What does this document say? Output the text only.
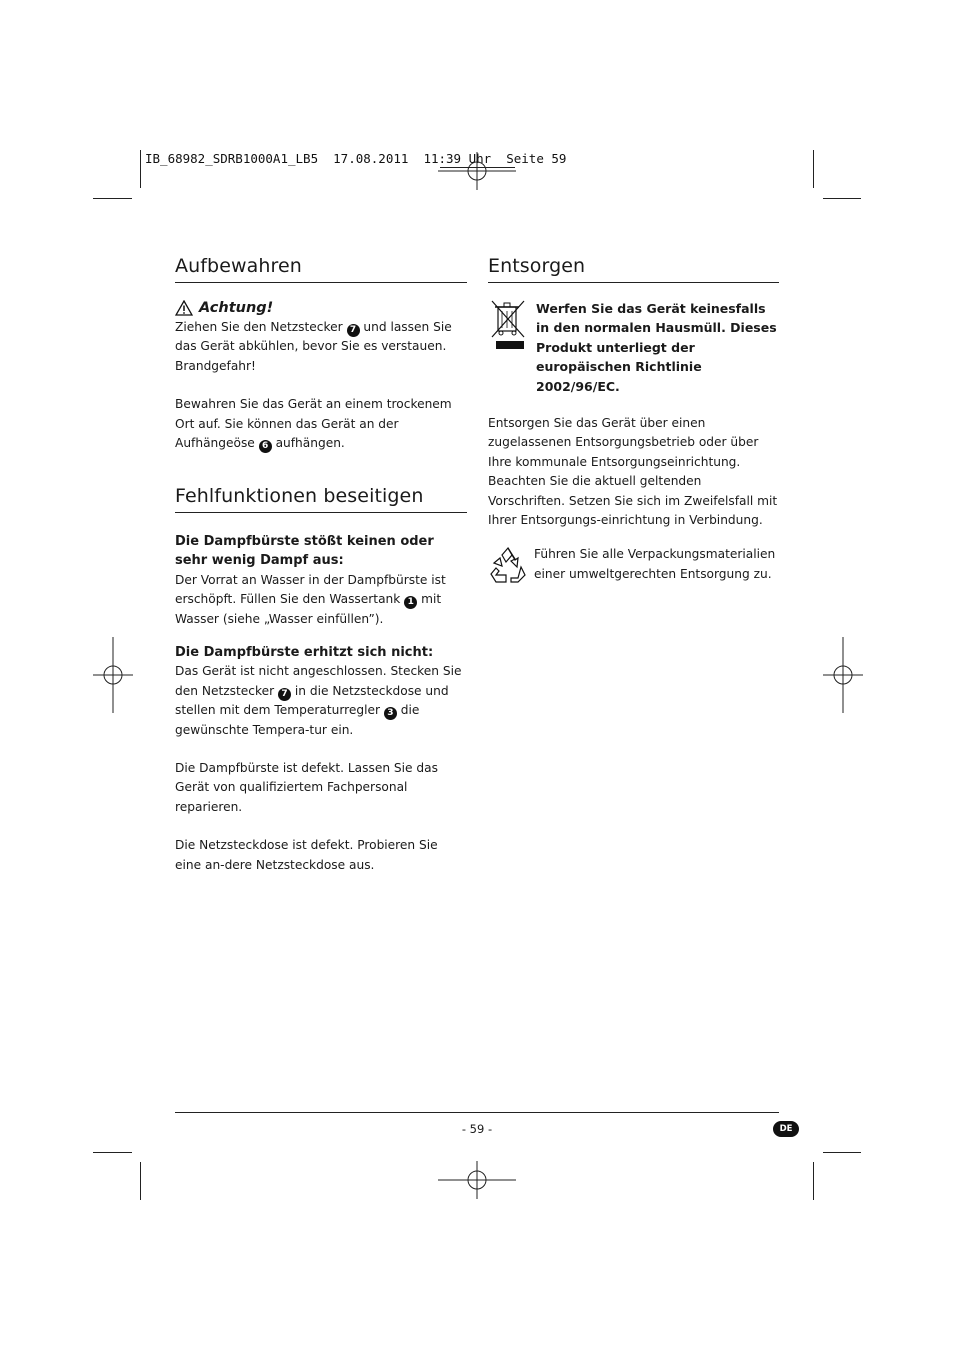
IB_68982_SDRB1000A1_LB5  17.08.2011  11:39 Uhr  Seite 59
Aufbewahren
Achtung!

Ziehen Sie den Netzstecker 7 und lassen Sie das Gerät abkühlen, bevor Sie es verstauen. Brandgefahr!

Bewahren Sie das Gerät an einem trockenem Ort auf. Sie können das Gerät an der Aufhängeöse 6 aufhängen.

Fehlfunktionen beseitigen

Die Dampfbürste stößt keinen oder sehr wenig Dampf aus:

Der Vorrat an Wasser in der Dampfbürste ist erschöpft. Füllen Sie den Wassertank 1 mit Wasser (siehe „Wasser einfüllen”).

Die Dampfbürste erhitzt sich nicht:

Das Gerät ist nicht angeschlossen. Stecken Sie den Netzstecker 7 in die Netzsteckdose und stellen mit dem Temperaturregler 3 die gewünschte Tempera-tur ein.

Die Dampfbürste ist defekt. Lassen Sie das Gerät von qualifiziertem Fachpersonal reparieren.

Die Netzsteckdose ist defekt. Probieren Sie eine an-dere Netzsteckdose aus.

Entsorgen

Werfen Sie das Gerät keinesfalls in den normalen Hausmüll. Dieses Produkt unterliegt der europäischen Richtlinie 2002/96/EC.

Entsorgen Sie das Gerät über einen zugelassenen Entsorgungsbetrieb oder über Ihre kommunale Entsorgungseinrichtung.

Beachten Sie die aktuell geltenden Vorschriften. Setzen Sie sich im Zweifelsfall mit Ihrer Entsorgungs-einrichtung in Verbindung.

Führen Sie alle Verpackungsmaterialien einer umweltgerechten Entsorgung zu.

- 59 -	DE
